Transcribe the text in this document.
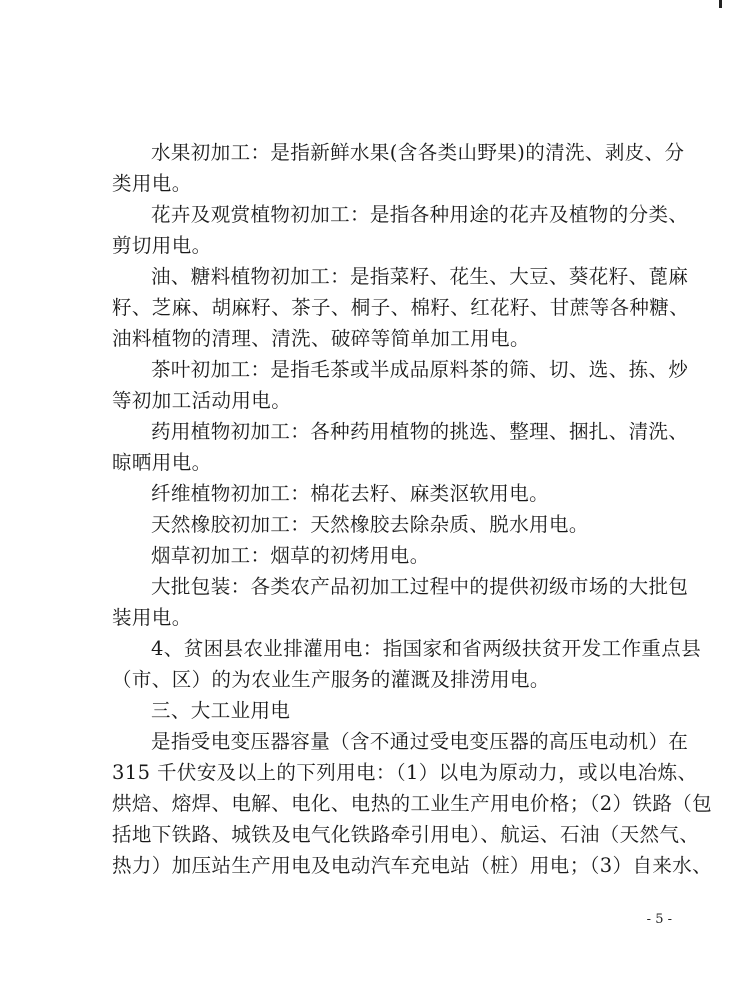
水果初加工：是指新鲜水果(含各类山野果)的清洗、剥皮、分
类用电。
花卉及观赏植物初加工：是指各种用途的花卉及植物的分类、
剪切用电。
油、糖料植物初加工：是指菜籽、花生、大豆、葵花籽、蓖麻
籽、芝麻、胡麻籽、茶子、桐子、棉籽、红花籽、甘蔗等各种糖、
油料植物的清理、清洗、破碎等简单加工用电。
茶叶初加工：是指毛茶或半成品原料茶的筛、切、选、拣、炒
等初加工活动用电。
药用植物初加工：各种药用植物的挑选、整理、捆扎、清洗、
晾晒用电。
纤维植物初加工：棉花去籽、麻类沤软用电。
天然橡胶初加工：天然橡胶去除杂质、脱水用电。
烟草初加工：烟草的初烤用电。
大批包装：各类农产品初加工过程中的提供初级市场的大批包
装用电。
4、贫困县农业排灌用电：指国家和省两级扶贫开发工作重点县
（市、区）的为农业生产服务的灌溉及排涝用电。
三、大工业用电
是指受电变压器容量（含不通过受电变压器的高压电动机）在
315 千伏安及以上的下列用电：（1）以电为原动力，或以电冶炼、
烘焙、熔焊、电解、电化、电热的工业生产用电价格；（2）铁路（包
括地下铁路、城铁及电气化铁路牵引用电）、航运、石油（天然气、
热力）加压站生产用电及电动汽车充电站（桩）用电；（3）自来水、
- 5 -
